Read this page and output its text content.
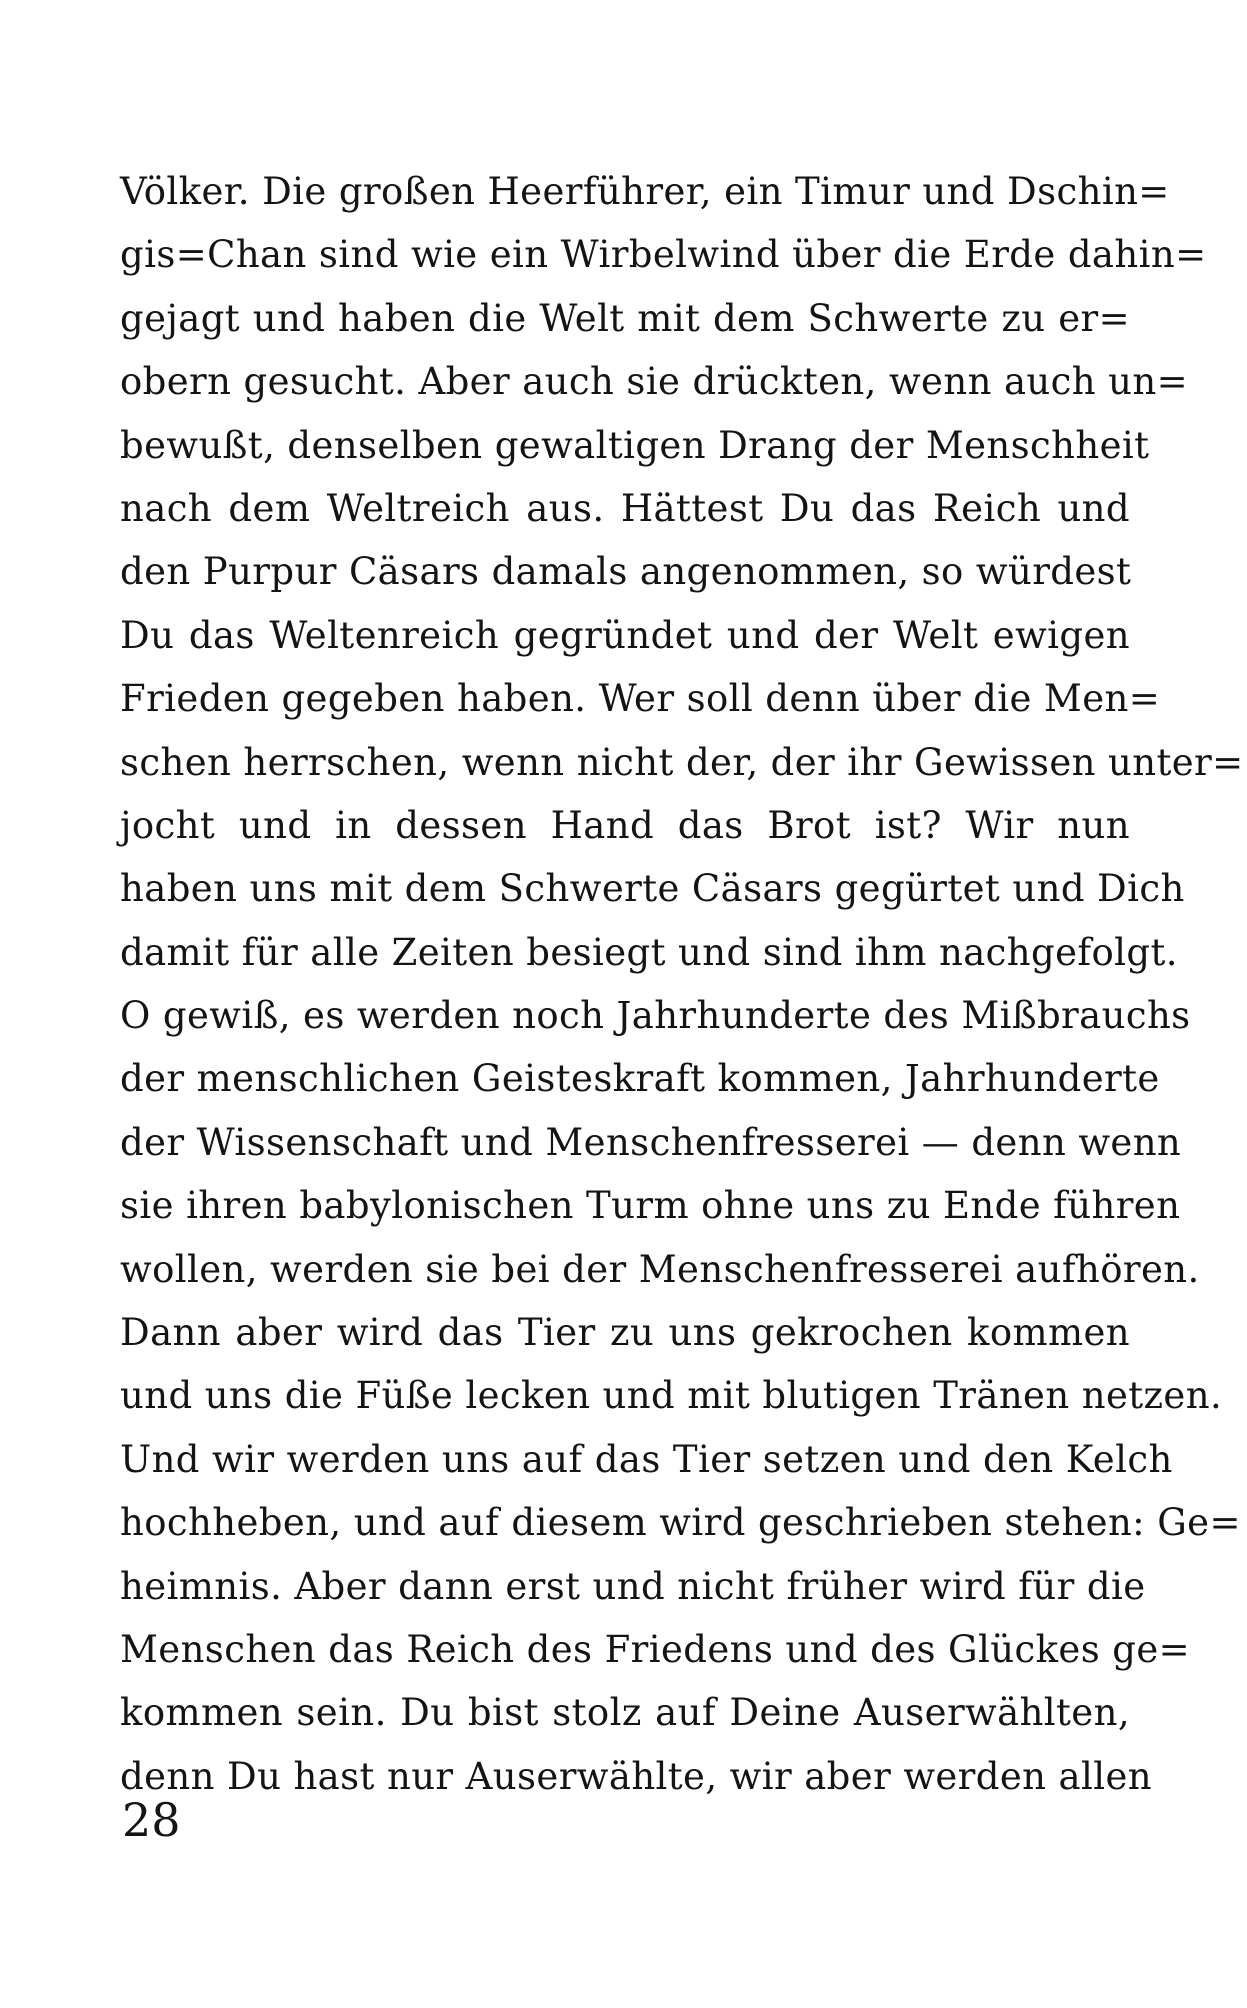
Völker. Die großen Heerführer, ein Timur und Dschin=
gis=Chan sind wie ein Wirbelwind über die Erde dahin=
gejagt und haben die Welt mit dem Schwerte zu er=
obern gesucht. Aber auch sie drückten, wenn auch un=
bewußt, denselben gewaltigen Drang der Menschheit
nach dem Weltreich aus. Hättest Du das Reich und
den Purpur Cäsars damals angenommen, so würdest
Du das Weltenreich gegründet und der Welt ewigen
Frieden gegeben haben. Wer soll denn über die Men=
schen herrschen, wenn nicht der, der ihr Gewissen unter=
jocht und in dessen Hand das Brot ist? Wir nun
haben uns mit dem Schwerte Cäsars gegürtet und Dich
damit für alle Zeiten besiegt und sind ihm nachgefolgt.
O gewiß, es werden noch Jahrhunderte des Mißbrauchs
der menschlichen Geisteskraft kommen, Jahrhunderte
der Wissenschaft und Menschenfresserei — denn wenn
sie ihren babylonischen Turm ohne uns zu Ende führen
wollen, werden sie bei der Menschenfresserei aufhören.
Dann aber wird das Tier zu uns gekrochen kommen
und uns die Füße lecken und mit blutigen Tränen netzen.
Und wir werden uns auf das Tier setzen und den Kelch
hochheben, und auf diesem wird geschrieben stehen: Ge=
heimnis. Aber dann erst und nicht früher wird für die
Menschen das Reich des Friedens und des Glückes ge=
kommen sein. Du bist stolz auf Deine Auserwählten,
denn Du hast nur Auserwählte, wir aber werden allen
28
